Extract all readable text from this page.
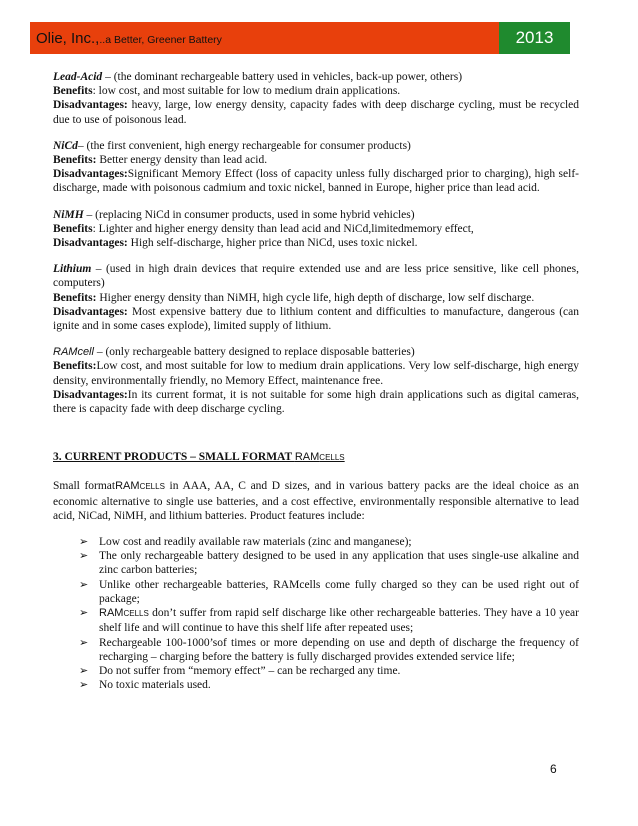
Olie, Inc.,..a Better, Greener Battery	2013

Lead-Acid – (the dominant rechargeable battery used in vehicles, back-up power, others)
Benefits: low cost, and most suitable for low to medium drain applications.
Disadvantages: heavy, large, low energy density, capacity fades with deep discharge cycling, must be recycled due to use of poisonous lead.

NiCd– (the first convenient, high energy rechargeable for consumer products)
Benefits: Better energy density than lead acid.
Disadvantages:Significant Memory Effect (loss of capacity unless fully discharged prior to charging), high self-discharge, made with poisonous cadmium and toxic nickel, banned in Europe, higher price than lead acid.

NiMH – (replacing NiCd in consumer products, used in some hybrid vehicles)
Benefits: Lighter and higher energy density than lead acid and NiCd,limitedmemory effect,
Disadvantages: High self-discharge, higher price than NiCd, uses toxic nickel.

Lithium – (used in high drain devices that require extended use and are less price sensitive, like cell phones, computers)
Benefits: Higher energy density than NiMH, high cycle life, high depth of discharge, low self discharge.
Disadvantages: Most expensive battery due to lithium content and difficulties to manufacture, dangerous (can ignite and in some cases explode), limited supply of lithium.

RAMcell – (only rechargeable battery designed to replace disposable batteries)
Benefits:Low cost, and most suitable for low to medium drain applications. Very low self-discharge, high energy density, environmentally friendly, no Memory Effect, maintenance free.
Disadvantages:In its current format, it is not suitable for some high drain applications such as digital cameras, there is capacity fade with deep discharge cycling.

3. CURRENT PRODUCTS – SMALL FORMAT RAMCELLS

Small formatRAMCELLS in AAA, AA, C and D sizes, and in various battery packs are the ideal choice as an economic alternative to single use batteries, and a cost effective, environmentally responsible alternative to lead acid, NiCad, NiMH, and lithium batteries. Product features include:

➢ Low cost and readily available raw materials (zinc and manganese);
➢ The only rechargeable battery designed to be used in any application that uses single-use alkaline and zinc carbon batteries;
➢ Unlike other rechargeable batteries, RAMcells come fully charged so they can be used right out of package;
➢ RAMCELLS don’t suffer from rapid self discharge like other rechargeable batteries. They have a 10 year shelf life and will continue to have this shelf life after repeated uses;
➢ Rechargeable 100-1000’sof times or more depending on use and depth of discharge the frequency of recharging – charging before the battery is fully discharged provides extended service life;
➢ Do not suffer from “memory effect” – can be recharged any time.
➢ No toxic materials used.
6
